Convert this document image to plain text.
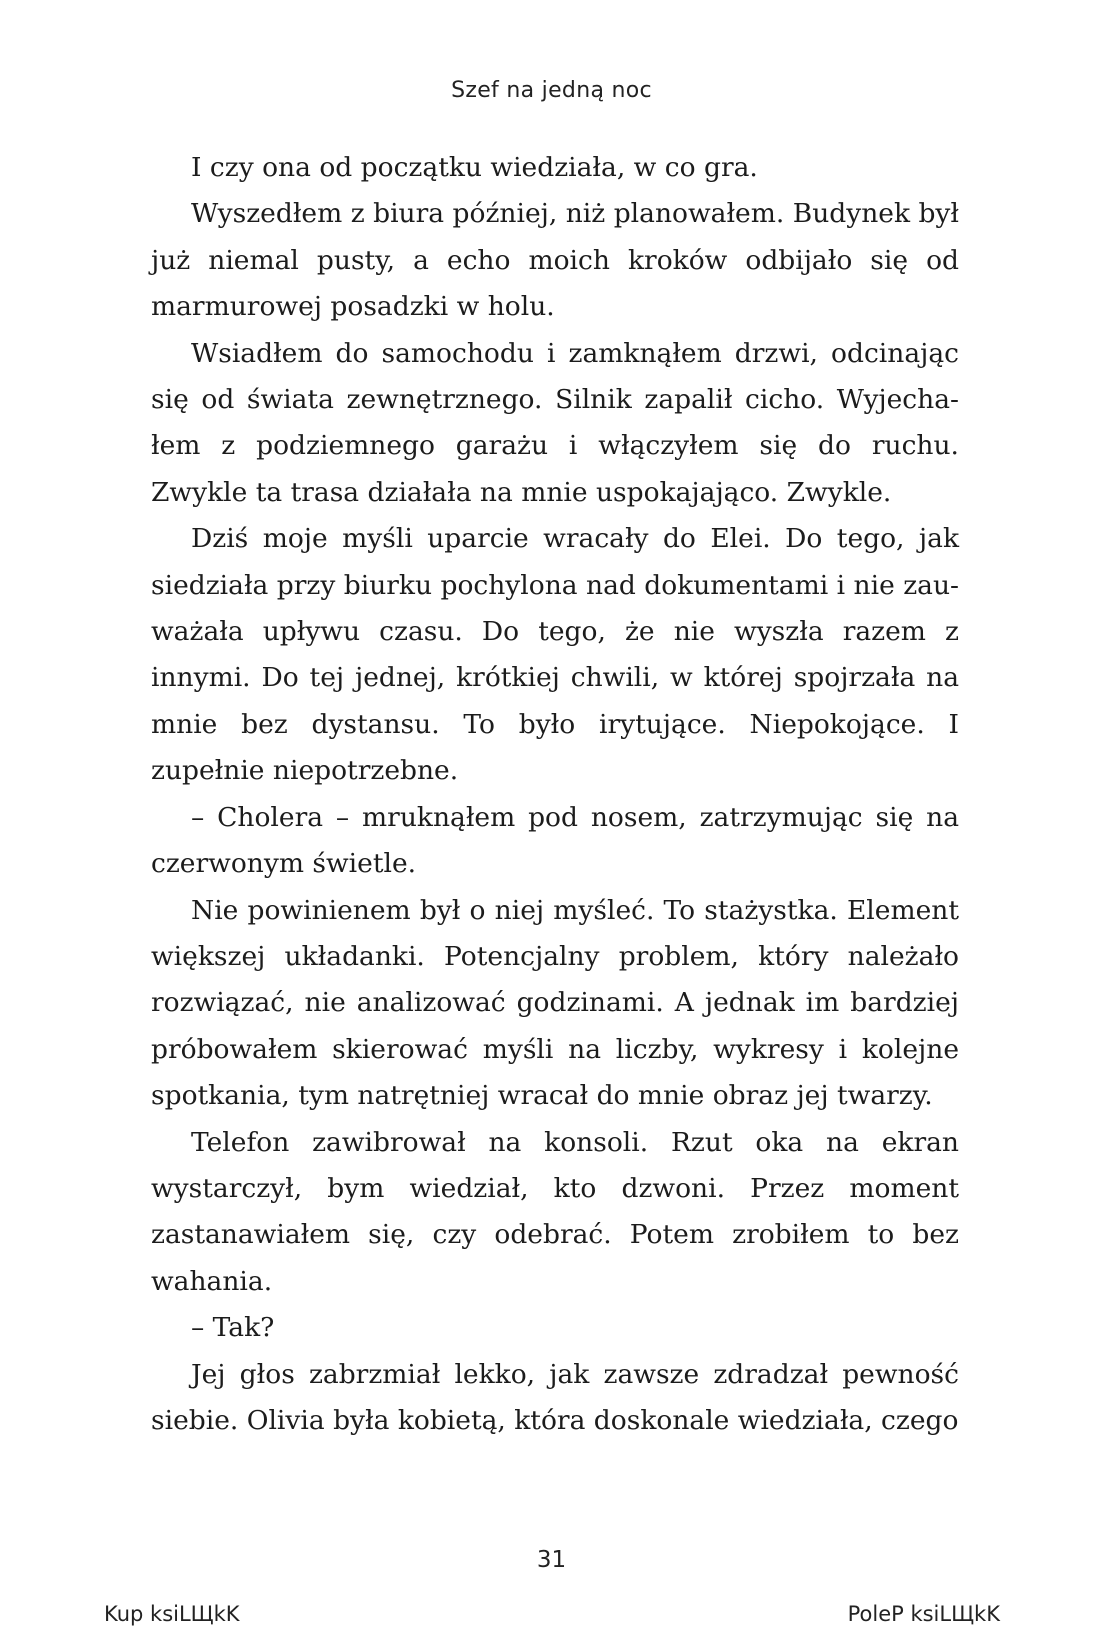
Szef na jedną noc

I czy ona od początku wiedziała, w co gra.

Wyszedłem z biura później, niż planowałem. Budynek był już niemal pusty, a echo moich kroków odbijało się od marmurowej posadzki w holu.

Wsiadłem do samochodu i zamknąłem drzwi, odcinając się od świata zewnętrznego. Silnik zapalił cicho. Wyjechałem z podziemnego garażu i włączyłem się do ruchu. Zwykle ta trasa działała na mnie uspokajająco. Zwykle.

Dziś moje myśli uparcie wracały do Elei. Do tego, jak siedziała przy biurku pochylona nad dokumentami i nie zauważała upływu czasu. Do tego, że nie wyszła razem z innymi. Do tej jednej, krótkiej chwili, w której spojrzała na mnie bez dystansu. To było irytujące. Niepokojące. I zupełnie niepotrzebne.

– Cholera – mruknąłem pod nosem, zatrzymując się na czerwonym świetle.

Nie powinienem był o niej myśleć. To stażystka. Element większej układanki. Potencjalny problem, który należało rozwiązać, nie analizować godzinami. A jednak im bardziej próbowałem skierować myśli na liczby, wykresy i kolejne spotkania, tym natrętniej wracał do mnie obraz jej twarzy.

Telefon zawibrował na konsoli. Rzut oka na ekran wystarczył, bym wiedział, kto dzwoni. Przez moment zastanawiałem się, czy odebrać. Potem zrobiłem to bez wahania.

– Tak?

Jej głos zabrzmiał lekko, jak zawsze zdradzał pewność siebie. Olivia była kobietą, która doskonale wiedziała, czego

31
Kup ksiLЩkK	PoleP ksiLЩkK
